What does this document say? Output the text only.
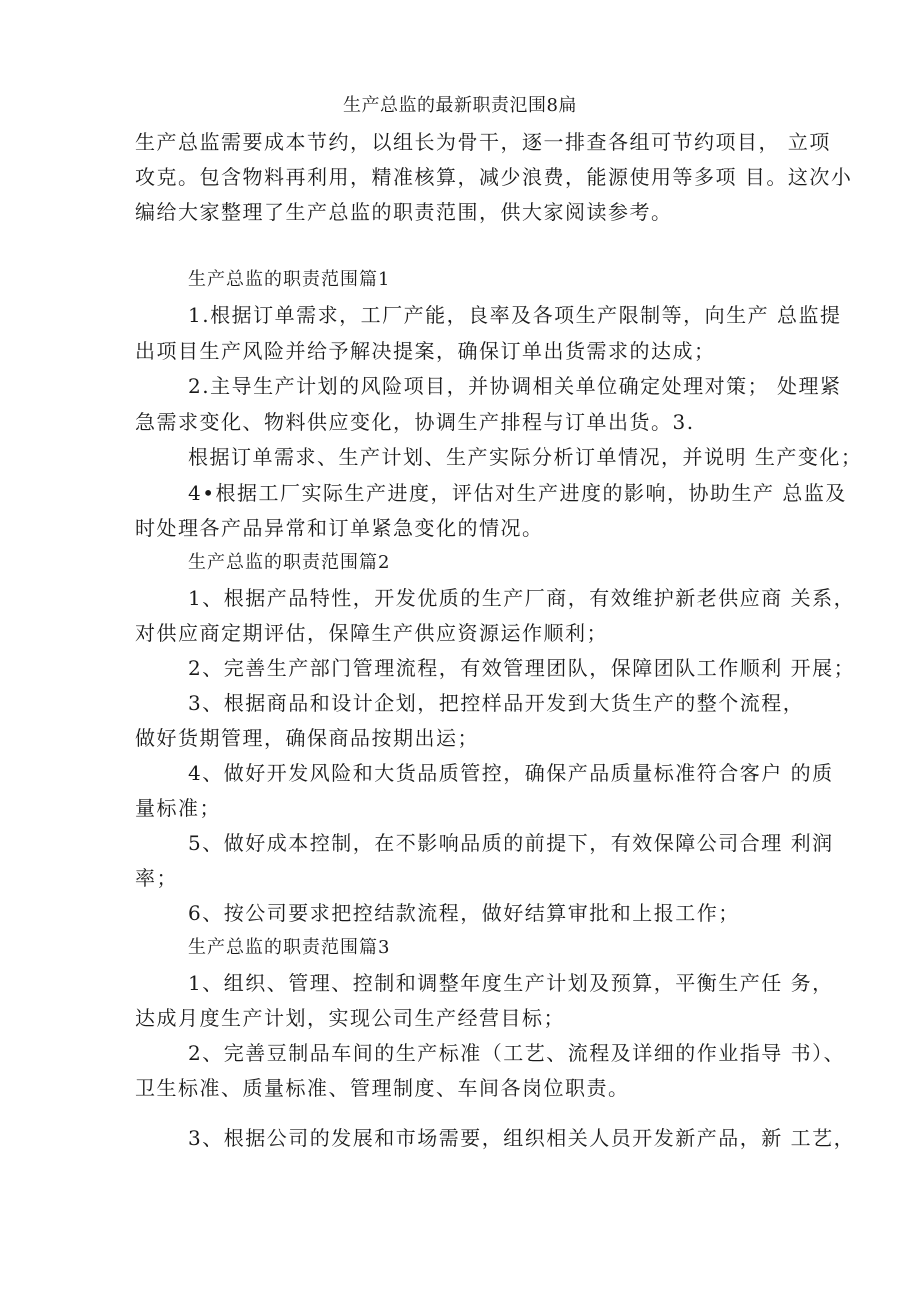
生产总监的最新职责氾围8扁
生产总监需要成本节约，以组长为骨干，逐一排查各组可节约项目， 立项
攻克。包含物料再利用，精准核算，减少浪费，能源使用等多项 目。这次小
编给大家整理了生产总监的职责范围，供大家阅读参考。
生产总监的职责范围篇1
1.根据订单需求，工厂产能，良率及各项生产限制等，向生产 总监提
出项目生产风险并给予解决提案，确保订单出货需求的达成；
2.主导生产计划的风险项目，并协调相关单位确定处理对策； 处理紧
急需求变化、物料供应变化，协调生产排程与订单出货。3.
根据订单需求、生产计划、生产实际分析订单情况，并说明 生产变化；
4•根据工厂实际生产进度，评估对生产进度的影响，协助生产 总监及
时处理各产品异常和订单紧急变化的情况。
生产总监的职责范围篇2
1、根据产品特性，开发优质的生产厂商，有效维护新老供应商 关系，
对供应商定期评估，保障生产供应资源运作顺利；
2、完善生产部门管理流程，有效管理团队，保障团队工作顺利 开展；
3、根据商品和设计企划，把控样品开发到大货生产的整个流程，
做好货期管理，确保商品按期出运；
4、做好开发风险和大货品质管控，确保产品质量标准符合客户 的质
量标准；
5、做好成本控制，在不影响品质的前提下，有效保障公司合理 利润
率；
6、按公司要求把控结款流程，做好结算审批和上报工作；
生产总监的职责范围篇3
1、组织、管理、控制和调整年度生产计划及预算，平衡生产任 务，
达成月度生产计划，实现公司生产经营目标；
2、完善豆制品车间的生产标准（工艺、流程及详细的作业指导 书）、
卫生标准、质量标准、管理制度、车间各岗位职责。
3、根据公司的发展和市场需要，组织相关人员开发新产品，新 工艺，
